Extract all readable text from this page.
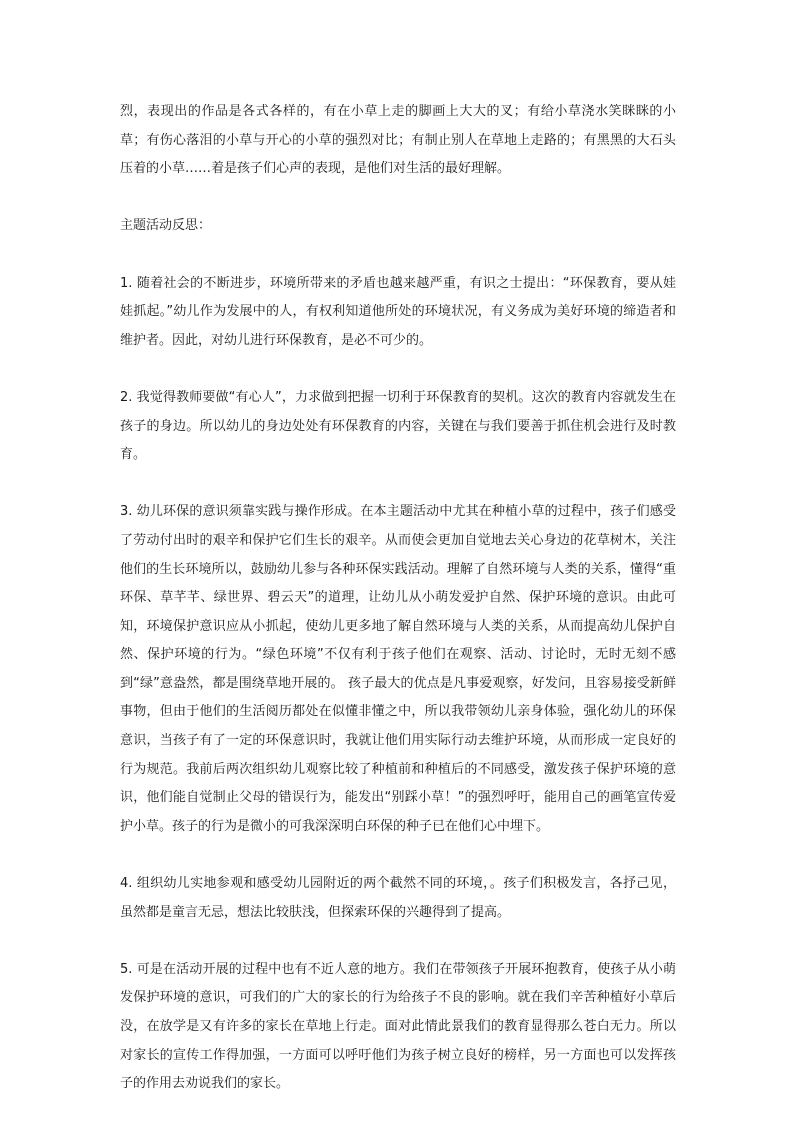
烈，表现出的作品是各式各样的，有在小草上走的脚画上大大的叉；有给小草浇水笑眯眯的小草；有伤心落泪的小草与开心的小草的强烈对比；有制止别人在草地上走路的；有黑黑的大石头压着的小草……着是孩子们心声的表现，是他们对生活的最好理解。

主题活动反思：

1. 随着社会的不断进步，环境所带来的矛盾也越来越严重，有识之士提出：“环保教育，要从娃娃抓起。”幼儿作为发展中的人，有权利知道他所处的环境状况，有义务成为美好环境的缔造者和维护者。因此，对幼儿进行环保教育，是必不可少的。

2. 我觉得教师要做“有心人”，力求做到把握一切利于环保教育的契机。这次的教育内容就发生在孩子的身边。所以幼儿的身边处处有环保教育的内容，关键在与我们要善于抓住机会进行及时教育。

3. 幼儿环保的意识须靠实践与操作形成。在本主题活动中尤其在种植小草的过程中，孩子们感受了劳动付出时的艰辛和保护它们生长的艰辛。从而使会更加自觉地去关心身边的花草树木，关注他们的生长环境所以，鼓励幼儿参与各种环保实践活动。理解了自然环境与人类的关系，懂得“重环保、草芊芊、绿世界、碧云天”的道理，让幼儿从小萌发爱护自然、保护环境的意识。由此可知，环境保护意识应从小抓起，使幼儿更多地了解自然环境与人类的关系，从而提高幼儿保护自然、保护环境的行为。“绿色环境”不仅有利于孩子他们在观察、活动、讨论时，无时无刻不感到“绿”意盎然，都是围绕草地开展的。 孩子最大的优点是凡事爱观察，好发问，且容易接受新鲜事物，但由于他们的生活阅历都处在似懂非懂之中，所以我带领幼儿亲身体验，强化幼儿的环保意识，当孩子有了一定的环保意识时，我就让他们用实际行动去维护环境，从而形成一定良好的行为规范。我前后两次组织幼儿观察比较了种植前和种植后的不同感受，激发孩子保护环境的意识，他们能自觉制止父母的错误行为，能发出“别踩小草！”的强烈呼吁，能用自己的画笔宣传爱护小草。孩子的行为是微小的可我深深明白环保的种子已在他们心中埋下。

4. 组织幼儿实地参观和感受幼儿园附近的两个截然不同的环境，。孩子们积极发言，各抒己见，虽然都是童言无忌，想法比较肤浅，但探索环保的兴趣得到了提高。

5. 可是在活动开展的过程中也有不近人意的地方。我们在带领孩子开展环抱教育，使孩子从小萌发保护环境的意识，可我们的广大的家长的行为给孩子不良的影响。就在我们辛苦种植好小草后没，在放学是又有许多的家长在草地上行走。面对此情此景我们的教育显得那么苍白无力。所以对家长的宣传工作得加强，一方面可以呼吁他们为孩子树立良好的榜样，另一方面也可以发挥孩子的作用去劝说我们的家长。
